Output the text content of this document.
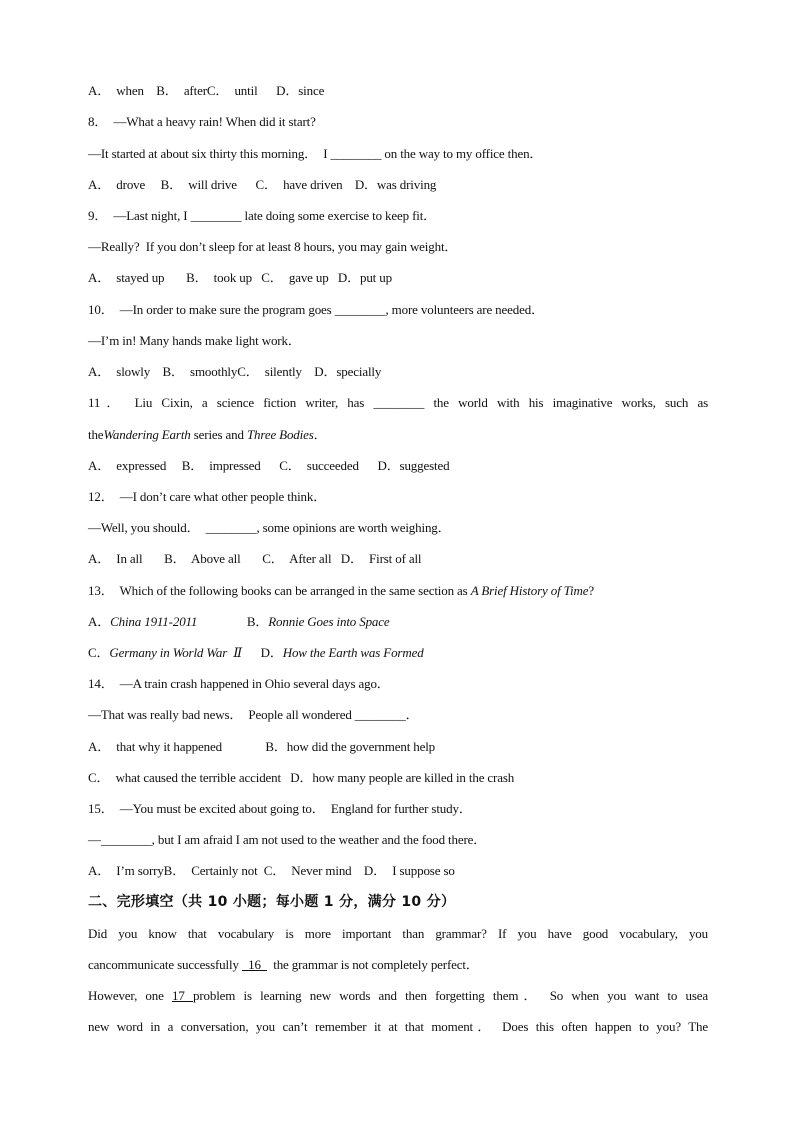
A．  when    B．  afterC．  until      D．since
8．  —What a heavy rain! When did it start?
—It started at about six thirty this morning．  I ________ on the way to my office then．
A．  drove     B．  will drive      C．  have driven    D．was driving
9．  —Last night, I ________ late doing some exercise to keep fit．
—Really?  If you don’t sleep for at least 8 hours, you may gain weight．
A．  stayed up       B．  took up   C．  gave up   D．put up
10．  —In order to make sure the program goes ________, more volunteers are needed．
—I’m in! Many hands make light work．
A．  slowly    B．  smoothlyC．  silently    D．specially
11． Liu Cixin, a science fiction writer, has ________ the world with his imaginative works, such as
theWandering Earth series and Three Bodies．
A．  expressed     B．  impressed      C．  succeeded      D．suggested
12．  —I don’t care what other people think．
—Well, you should．  ________, some opinions are worth weighing．
A．  In all       B．  Above all       C．  After all   D．  First of all
13．  Which of the following books can be arranged in the same section as A Brief History of Time?
A．China 1911-2011                B．Ronnie Goes into Space
C．Germany in World War  Ⅱ      D．How the Earth was Formed
14．  —A train crash happened in Ohio several days ago．
—That was really bad news．  People all wondered ________．
A．  that why it happened              B．how did the government help
C．  what caused the terrible accident   D．how many people are killed in the crash
15．  —You must be excited about going to．  England for further study．
—________, but I am afraid I am not used to the weather and the food there．
A．  I’m sorryB．  Certainly not  C．  Never mind    D．  I suppose so
二、完形填空（共 10 小题；每小题 1 分，满分 10 分）
Did you know that vocabulary is more important than grammar? If you have good vocabulary, you
cancommunicate successfully   16    the grammar is not completely perfect．
However, one 17 problem is learning new words and then forgetting them． So when you want to usea
new word in a conversation, you can’t remember it at that moment． Does this often happen to you? The
